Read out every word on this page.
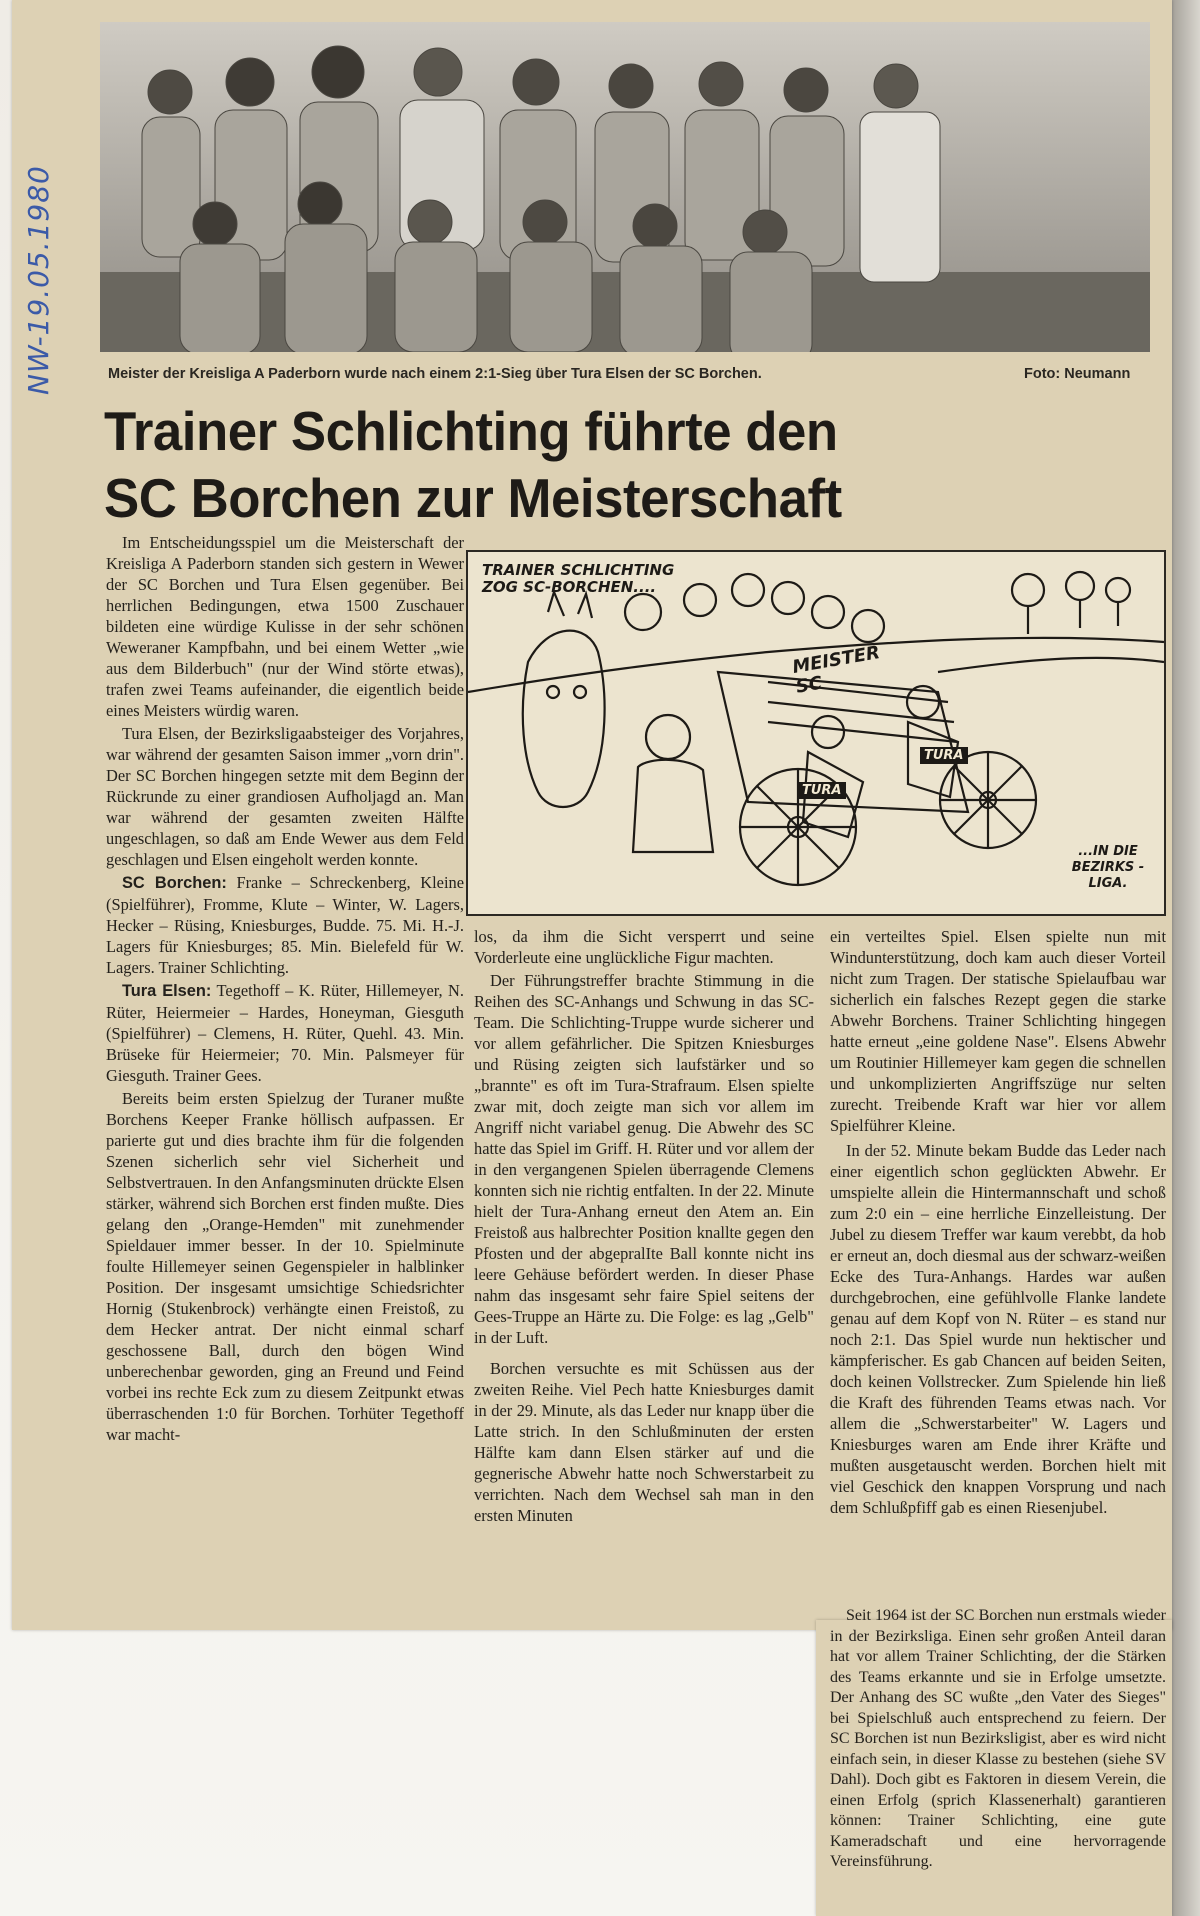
Meister der Kreisliga A Paderborn wurde nach einem 2:1-Sieg über Tura Elsen der SC Borchen.	Foto: Neumann
Trainer Schlichting führte den
SC Borchen zur Meisterschaft

Im Entscheidungsspiel um die Meisterschaft der Kreisliga A Paderborn standen sich gestern in Wewer der SC Borchen und Tura Elsen gegenüber. Bei herrlichen Bedingungen, etwa 1500 Zuschauer bildeten eine würdige Kulisse in der sehr schönen Weweraner Kampfbahn, und bei einem Wetter „wie aus dem Bilderbuch" (nur der Wind störte etwas), trafen zwei Teams aufeinander, die eigentlich beide eines Meisters würdig waren.

Tura Elsen, der Bezirksligaabsteiger des Vorjahres, war während der gesamten Saison immer „vorn drin". Der SC Borchen hingegen setzte mit dem Beginn der Rückrunde zu einer grandiosen Aufholjagd an. Man war während der gesamten zweiten Hälfte ungeschlagen, so daß am Ende Wewer aus dem Feld geschlagen und Elsen eingeholt werden konnte.

SC Borchen: Franke – Schreckenberg, Kleine (Spielführer), Fromme, Klute – Winter, W. Lagers, Hecker – Rüsing, Kniesburges, Budde. 75. Mi. H.-J. Lagers für Kniesburges; 85. Min. Bielefeld für W. Lagers. Trainer Schlichting.

Tura Elsen: Tegethoff – K. Rüter, Hillemeyer, N. Rüter, Heiermeier – Hardes, Honeyman, Giesguth (Spielführer) – Clemens, H. Rüter, Quehl. 43. Min. Brüseke für Heiermeier; 70. Min. Palsmeyer für Giesguth. Trainer Gees.

Bereits beim ersten Spielzug der Turaner mußte Borchens Keeper Franke höllisch aufpassen. Er parierte gut und dies brachte ihm für die folgenden Szenen sicherlich sehr viel Sicherheit und Selbstvertrauen. In den Anfangsminuten drückte Elsen stärker, während sich Borchen erst finden mußte. Dies gelang den „Orange-Hemden" mit zunehmender Spieldauer immer besser. In der 10. Spielminute foulte Hillemeyer seinen Gegenspieler in halblinker Position. Der insgesamt umsichtige Schiedsrichter Hornig (Stukenbrock) verhängte einen Freistoß, zu dem Hecker antrat. Der nicht einmal scharf geschossene Ball, durch den bögen Wind unberechenbar geworden, ging an Freund und Feind vorbei ins rechte Eck zum zu diesem Zeitpunkt etwas überraschenden 1:0 für Borchen. Torhüter Tegethoff war macht-

TRAINER SCHLICHTING ZOG SC-BORCHEN....
MEISTER SC
TURA
TURA
...IN DIE BEZIRKS -LIGA.

los, da ihm die Sicht versperrt und seine Vorderleute eine unglückliche Figur machten.

Der Führungstreffer brachte Stimmung in die Reihen des SC-Anhangs und Schwung in das SC-Team. Die Schlichting-Truppe wurde sicherer und vor allem gefährlicher. Die Spitzen Kniesburges und Rüsing zeigten sich laufstärker und so „brannte" es oft im Tura-Strafraum. Elsen spielte zwar mit, doch zeigte man sich vor allem im Angriff nicht variabel genug. Die Abwehr des SC hatte das Spiel im Griff. H. Rüter und vor allem der in den vergangenen Spielen überragende Clemens konnten sich nie richtig entfalten. In der 22. Minute hielt der Tura-Anhang erneut den Atem an. Ein Freistoß aus halbrechter Position knallte gegen den Pfosten und der abgepralIte Ball konnte nicht ins leere Gehäuse befördert werden. In dieser Phase nahm das insgesamt sehr faire Spiel seitens der Gees-Truppe an Härte zu. Die Folge: es lag „Gelb" in der Luft.

Borchen versuchte es mit Schüssen aus der zweiten Reihe. Viel Pech hatte Kniesburges damit in der 29. Minute, als das Leder nur knapp über die Latte strich. In den Schlußminuten der ersten Hälfte kam dann Elsen stärker auf und die gegnerische Abwehr hatte noch Schwerstarbeit zu verrichten. Nach dem Wechsel sah man in den ersten Minuten

ein verteiltes Spiel. Elsen spielte nun mit Windunterstützung, doch kam auch dieser Vorteil nicht zum Tragen. Der statische Spielaufbau war sicherlich ein falsches Rezept gegen die starke Abwehr Borchens. Trainer Schlichting hingegen hatte erneut „eine goldene Nase". Elsens Abwehr um Routinier Hillemeyer kam gegen die schnellen und unkomplizierten Angriffszüge nur selten zurecht. Treibende Kraft war hier vor allem Spielführer Kleine.

In der 52. Minute bekam Budde das Leder nach einer eigentlich schon geglückten Abwehr. Er umspielte allein die Hintermannschaft und schoß zum 2:0 ein – eine herrliche Einzelleistung. Der Jubel zu diesem Treffer war kaum verebbt, da hob er erneut an, doch diesmal aus der schwarz-weißen Ecke des Tura-Anhangs. Hardes war außen durchgebrochen, eine gefühlvolle Flanke landete genau auf dem Kopf von N. Rüter – es stand nur noch 2:1. Das Spiel wurde nun hektischer und kämpferischer. Es gab Chancen auf beiden Seiten, doch keinen Vollstrecker. Zum Spielende hin ließ die Kraft des führenden Teams etwas nach. Vor allem die „Schwerstarbeiter" W. Lagers und Kniesburges waren am Ende ihrer Kräfte und mußten ausgetauscht werden. Borchen hielt mit viel Geschick den knappen Vorsprung und nach dem Schlußpfiff gab es einen Riesenjubel.

Seit 1964 ist der SC Borchen nun erstmals wieder in der Bezirksliga. Einen sehr großen Anteil daran hat vor allem Trainer Schlichting, der die Stärken des Teams erkannte und sie in Erfolge umsetzte. Der Anhang des SC wußte „den Vater des Sieges" bei Spielschluß auch entsprechend zu feiern. Der SC Borchen ist nun Bezirksligist, aber es wird nicht einfach sein, in dieser Klasse zu bestehen (siehe SV Dahl). Doch gibt es Faktoren in diesem Verein, die einen Erfolg (sprich Klassenerhalt) garantieren können: Trainer Schlichting, eine gute Kameradschaft und eine hervorragende Vereinsführung.
